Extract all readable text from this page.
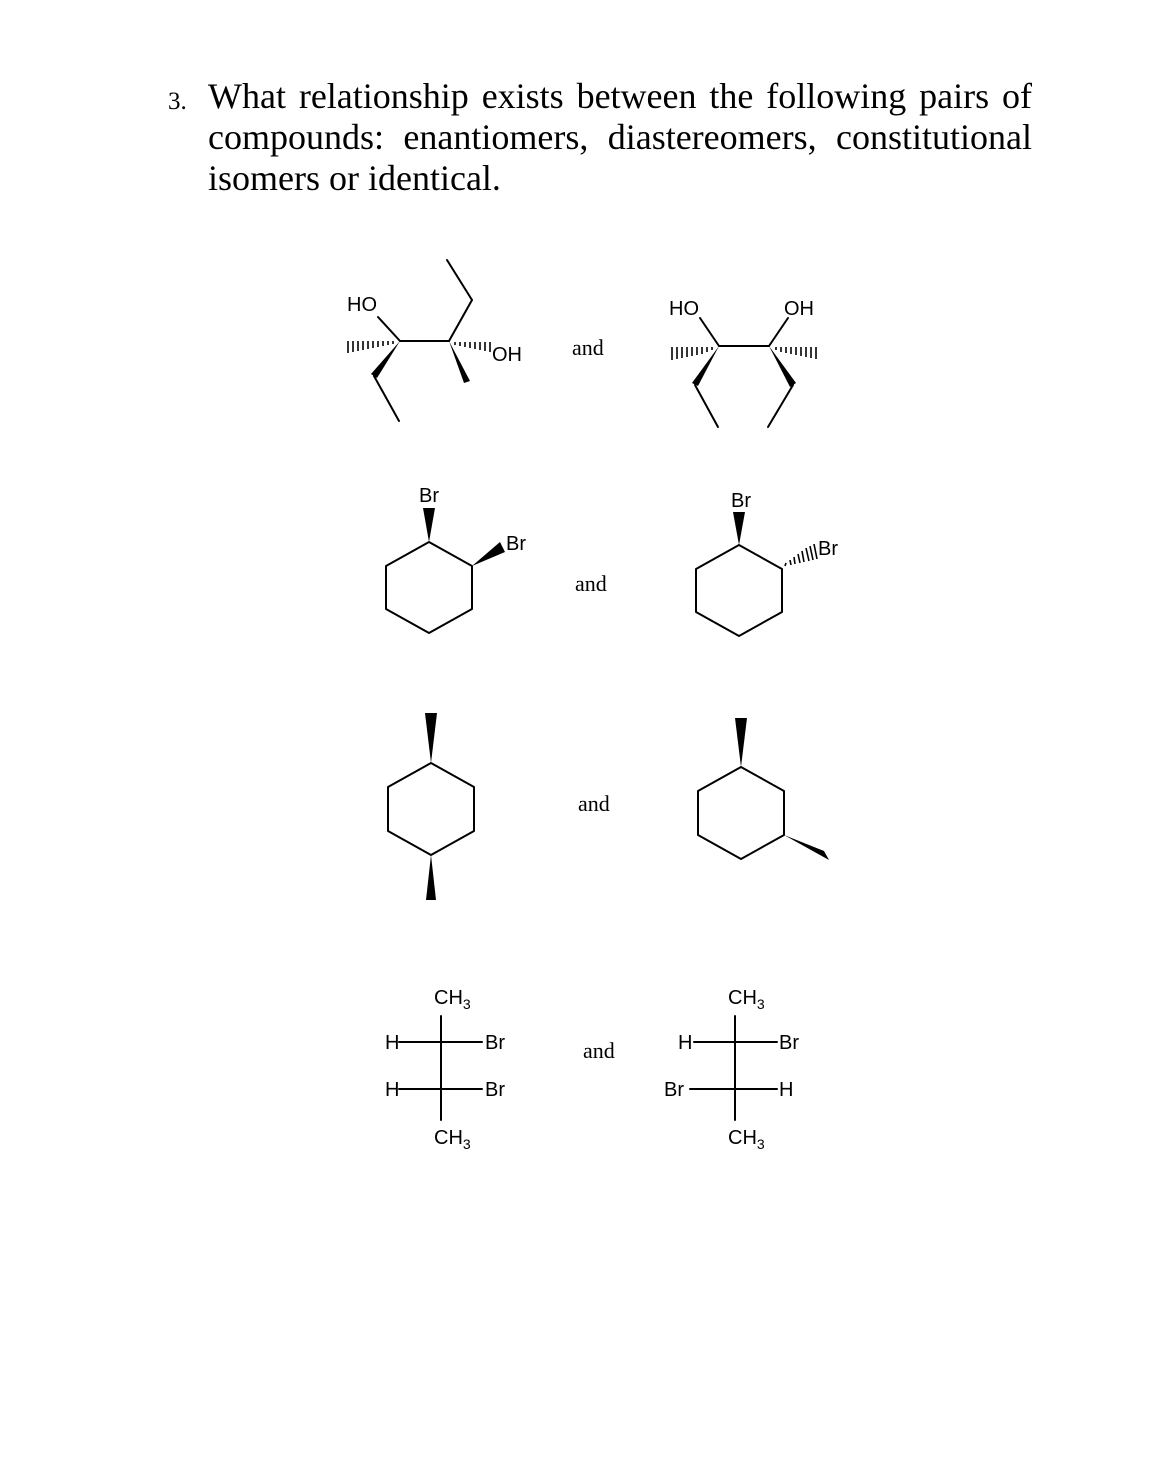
3. What relationship exists between the following pairs of compounds: enantiomers, diastereomers, constitutional isomers or identical.
HO
OH and
HO	OH
Br
Br
and
Br
Br
and
$CH_3$
$CH_3$
H	Br
H	Br
and
$CH_3$
$CH_3$
H	Br
Br	H
